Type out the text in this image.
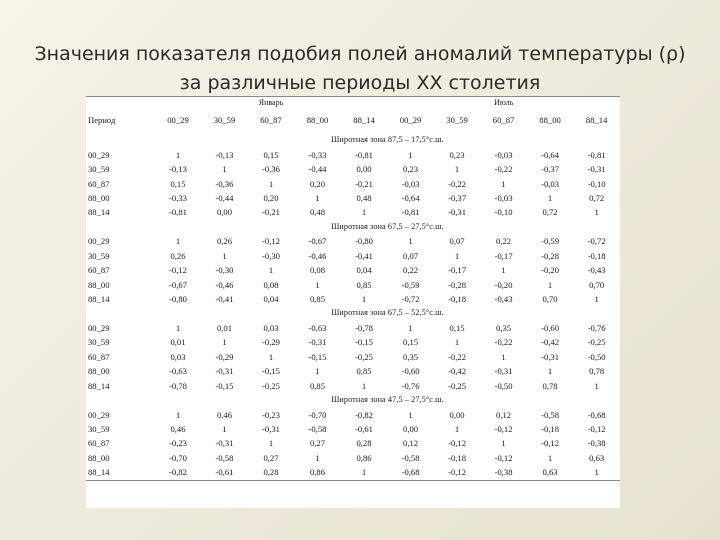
Значения показателя подобия полей аномалий температуры (ρ)
за различные периоды ХХ столетия
	Январь					Июль				
Период	00_29	30_59	60_87	88_00	88_14	00_29	30_59	60_87	88_00	88_14
	Широтная зона 87,5 – 17,5°с.ш.									
00_29	1	-0,13	0,15	-0,33	-0,81	1	0,23	-0,03	-0,64	-0,81
30_59	-0,13	1	-0,36	-0,44	0,00	0,23	1	-0,22	-0,37	-0,31
60_87	0,15	-0,36	1	0,20	-0,21	-0,03	-0,22	1	-0,03	-0,10
88_00	-0,33	-0,44	0,20	1	0,48	-0,64	-0,37	-0,03	1	0,72
88_14	-0,81	0,00	-0,21	0,48	1	-0,81	-0,31	-0,10	0,72	1
	Широтная зона 67,5 – 27,5°с.ш.									
00_29	1	0,26	-0,12	-0,67	-0,80	1	0,07	0,22	-0,59	-0,72
30_59	0,26	1	-0,30	-0,46	-0,41	0,07	1	-0,17	-0,28	-0,18
60_87	-0,12	-0,30	1	0,08	0,04	0,22	-0,17	1	-0,20	-0,43
88_00	-0,67	-0,46	0,08	1	0,85	-0,59	-0,28	-0,20	1	0,70
88_14	-0,80	-0,41	0,04	0,85	1	-0,72	-0,18	-0,43	0,70	1
	Широтная зона 67,5 – 52,5°с.ш.									
00_29	1	0,01	0,03	-0,63	-0,78	1	0,15	0,35	-0,60	-0,76
30_59	0,01	1	-0,29	-0,31	-0,15	0,15	1	-0,22	-0,42	-0,25
60_87	0,03	-0,29	1	-0,15	-0,25	0,35	-0,22	1	-0,31	-0,50
88_00	-0,63	-0,31	-0,15	1	0,85	-0,60	-0,42	-0,31	1	0,78
88_14	-0,78	-0,15	-0,25	0,85	1	-0,76	-0,25	-0,50	0,78	1
	Широтная зона 47,5 – 27,5°с.ш.									
00_29	1	0,46	-0,23	-0,70	-0,82	1	0,00	0,12	-0,58	-0,68
30_59	0,46	1	-0,31	-0,58	-0,61	0,00	1	-0,12	-0,18	-0,12
60_87	-0,23	-0,31	1	0,27	0,28	0,12	-0,12	1	-0,12	-0,38
88_00	-0,70	-0,58	0,27	1	0,86	-0,58	-0,18	-0,12	1	0,63
88_14	-0,82	-0,61	0,28	0,86	1	-0,68	-0,12	-0,38	0,63	1
